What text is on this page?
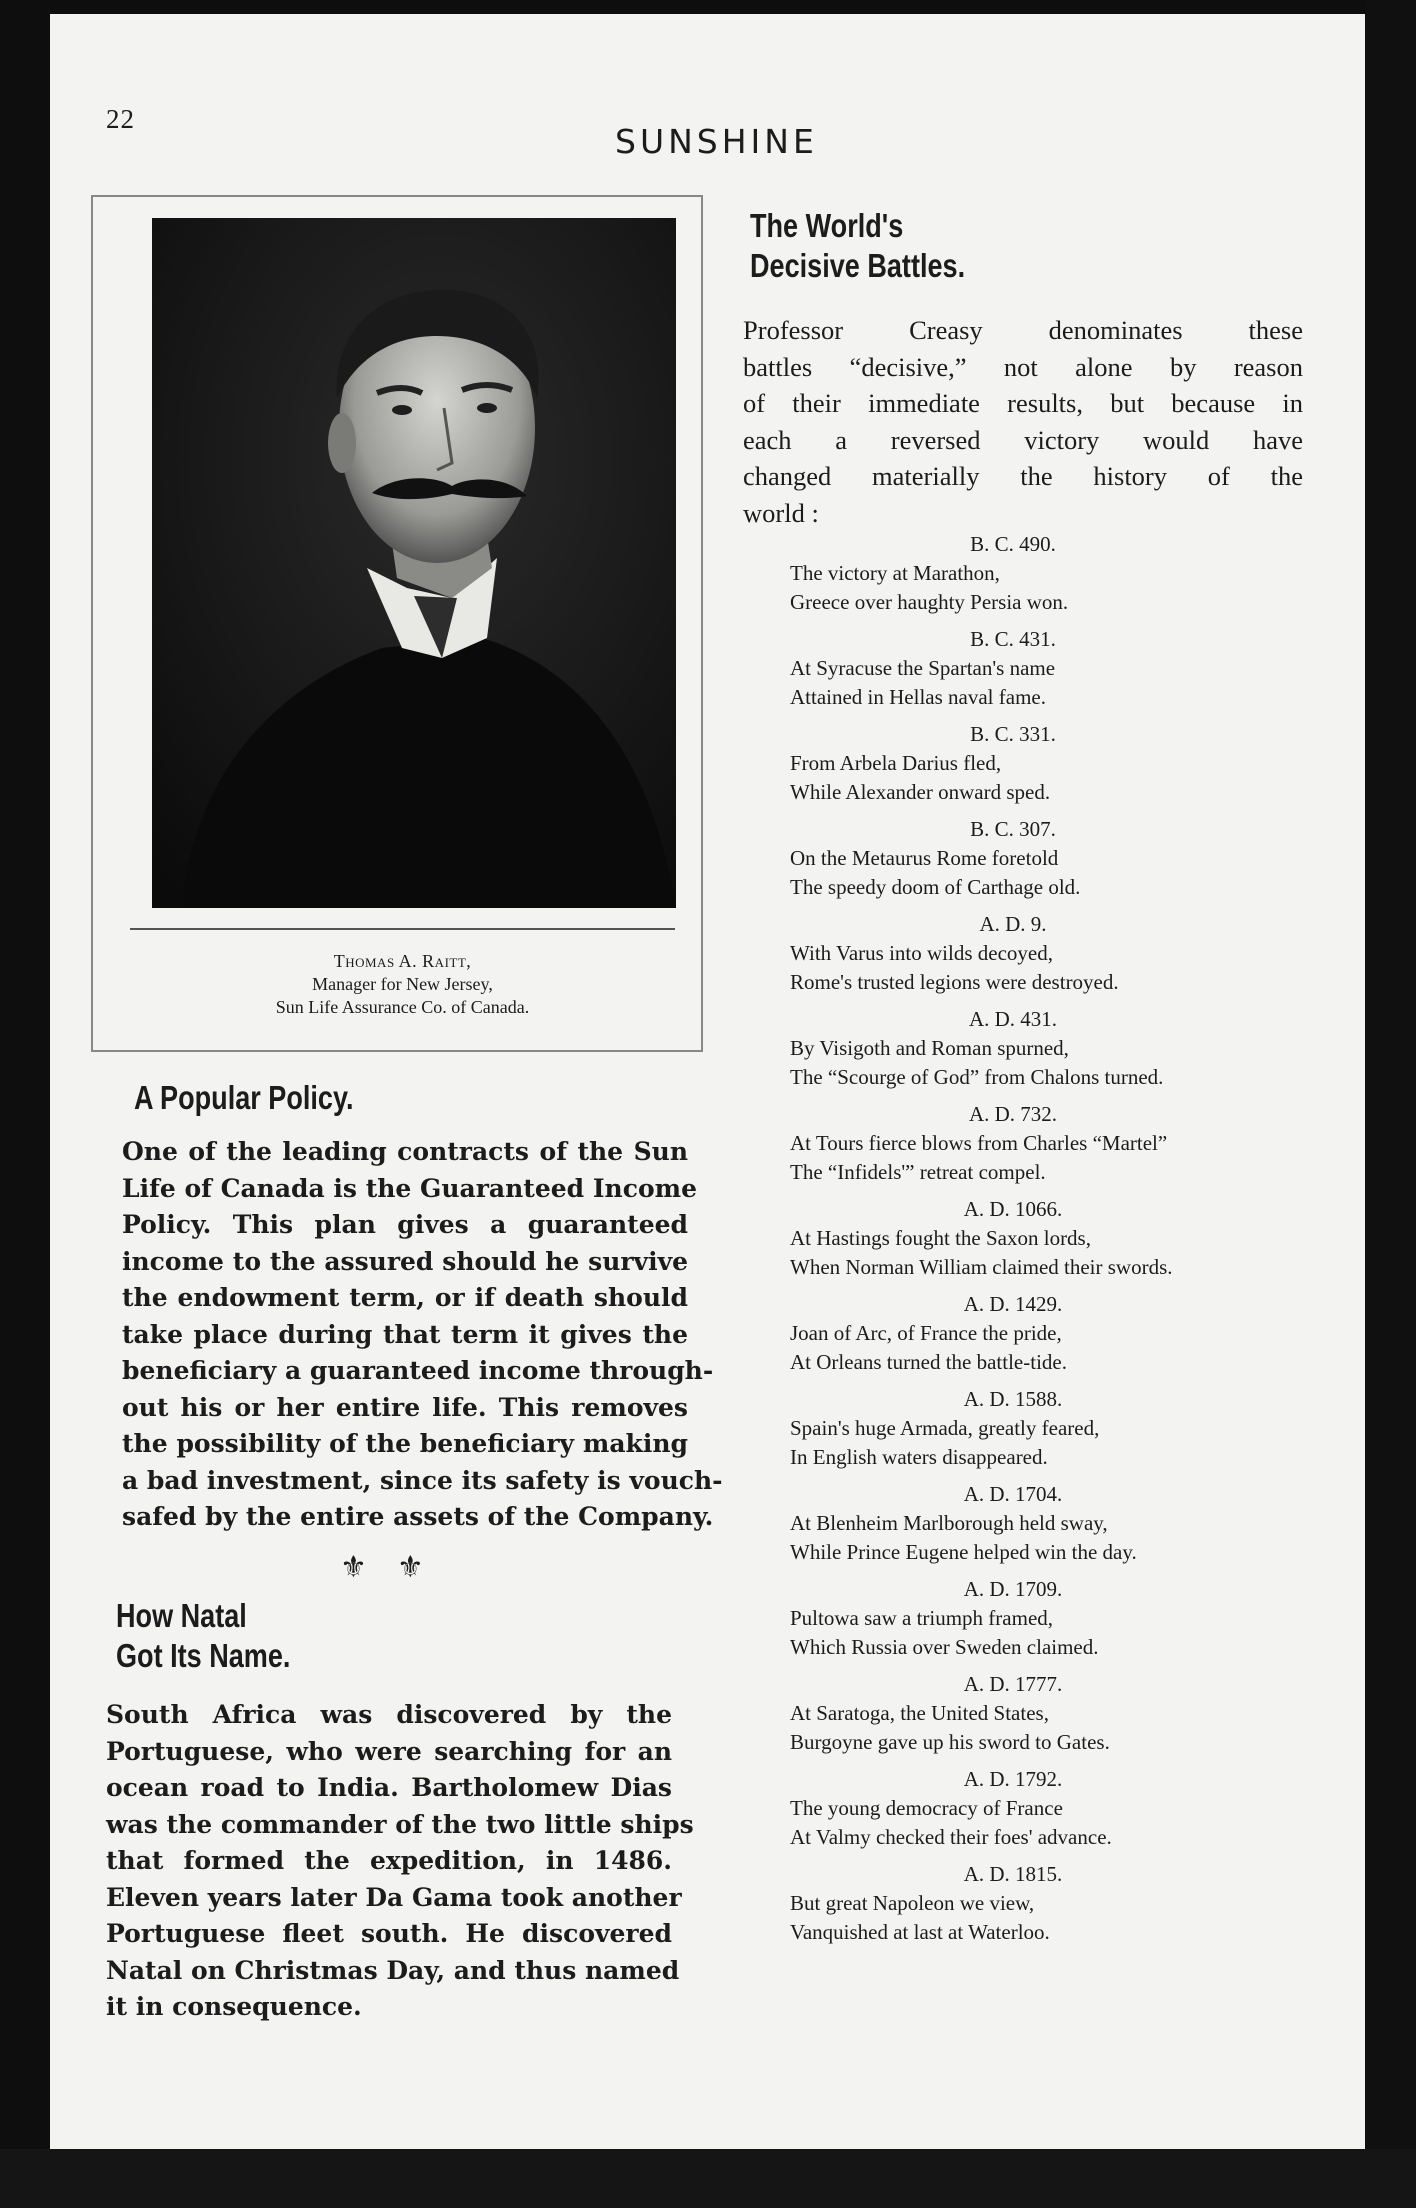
22
SUNSHINE
Thomas A. Raitt,
Manager for New Jersey,
Sun Life Assurance Co. of Canada.
The World's
Decisive Battles.
Professor Creasy denominates these
battles “decisive,” not alone by reason
of their immediate results, but because in
each a reversed victory would have
changed materially the history of the
world :
B. C. 490.
The victory at Marathon,
Greece over haughty Persia won.
B. C. 431.
At Syracuse the Spartan's name
Attained in Hellas naval fame.
B. C. 331.
From Arbela Darius fled,
While Alexander onward sped.
B. C. 307.
On the Metaurus Rome foretold
The speedy doom of Carthage old.
A. D. 9.
With Varus into wilds decoyed,
Rome's trusted legions were destroyed.
A. D. 431.
By Visigoth and Roman spurned,
The “Scourge of God” from Chalons turned.
A. D. 732.
At Tours fierce blows from Charles “Martel”
The “Infidels'” retreat compel.
A. D. 1066.
At Hastings fought the Saxon lords,
When Norman William claimed their swords.
A. D. 1429.
Joan of Arc, of France the pride,
At Orleans turned the battle-tide.
A. D. 1588.
Spain's huge Armada, greatly feared,
In English waters disappeared.
A. D. 1704.
At Blenheim Marlborough held sway,
While Prince Eugene helped win the day.
A. D. 1709.
Pultowa saw a triumph framed,
Which Russia over Sweden claimed.
A. D. 1777.
At Saratoga, the United States,
Burgoyne gave up his sword to Gates.
A. D. 1792.
The young democracy of France
At Valmy checked their foes' advance.
A. D. 1815.
But great Napoleon we view,
Vanquished at last at Waterloo.
A Popular Policy.
One of the leading contracts of the Sun
Life of Canada is the Guaranteed Income
Policy. This plan gives a guaranteed
income to the assured should he survive
the endowment term, or if death should
take place during that term it gives the
beneficiary a guaranteed income through-
out his or her entire life. This removes
the possibility of the beneficiary making
a bad investment, since its safety is vouch-
safed by the entire assets of the Company.
⚜⚜
How Natal
Got Its Name.
South Africa was discovered by the
Portuguese, who were searching for an
ocean road to India. Bartholomew Dias
was the commander of the two little ships
that formed the expedition, in 1486.
Eleven years later Da Gama took another
Portuguese fleet south. He discovered
Natal on Christmas Day, and thus named
it in consequence.
